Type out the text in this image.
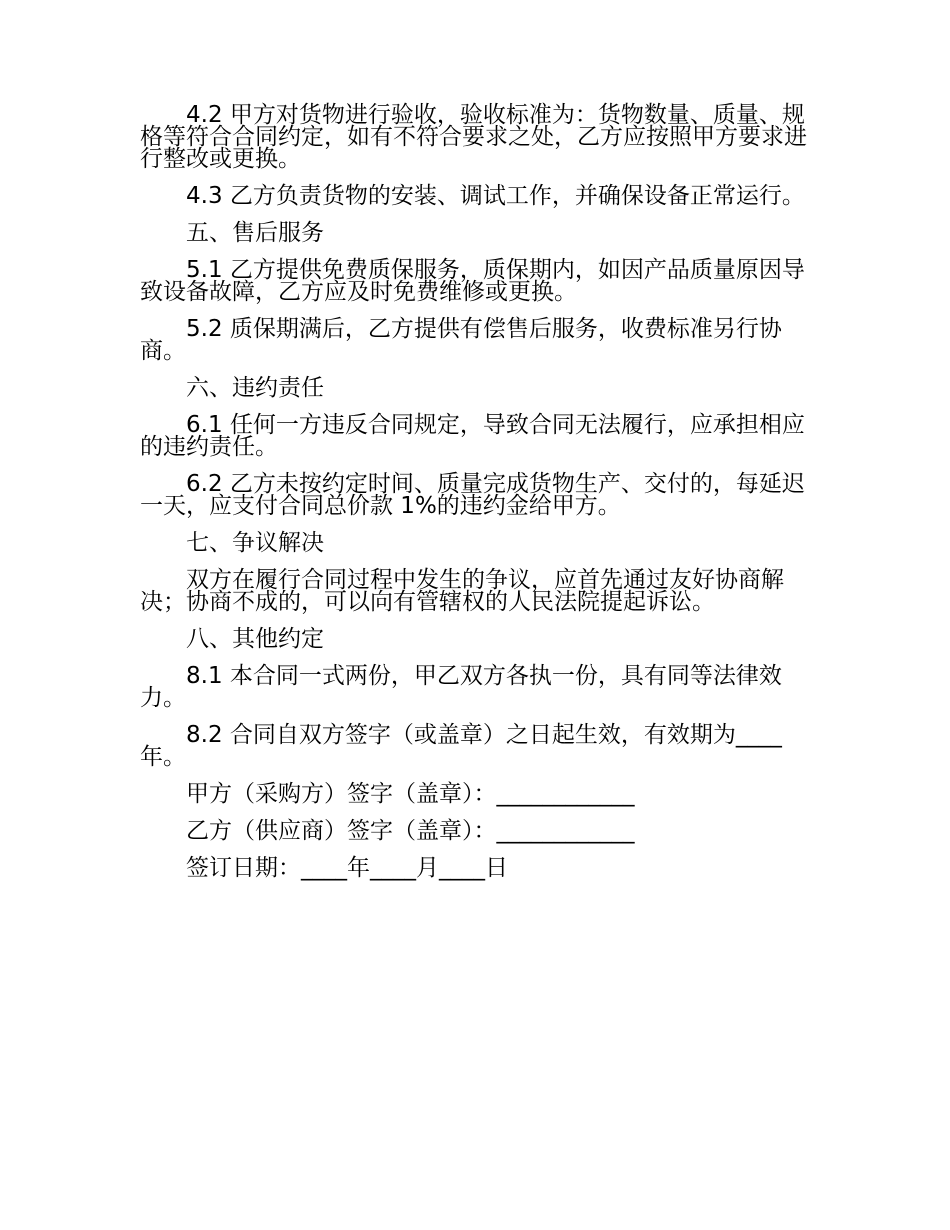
4.2 甲方对货物进行验收，验收标准为：货物数量、质量、规格等符合合同约定，如有不符合要求之处，乙方应按照甲方要求进行整改或更换。

4.3 乙方负责货物的安装、调试工作，并确保设备正常运行。

五、售后服务

5.1 乙方提供免费质保服务，质保期内，如因产品质量原因导致设备故障，乙方应及时免费维修或更换。

5.2 质保期满后，乙方提供有偿售后服务，收费标准另行协商。

六、违约责任

6.1 任何一方违反合同规定，导致合同无法履行，应承担相应的违约责任。

6.2 乙方未按约定时间、质量完成货物生产、交付的，每延迟一天，应支付合同总价款 1%的违约金给甲方。

七、争议解决

双方在履行合同过程中发生的争议，应首先通过友好协商解决；协商不成的，可以向有管辖权的人民法院提起诉讼。

八、其他约定

8.1 本合同一式两份，甲乙双方各执一份，具有同等法律效力。

8.2 合同自双方签字（或盖章）之日起生效，有效期为____年。

甲方（采购方）签字（盖章）：____________

乙方（供应商）签字（盖章）：____________

签订日期：____年____月____日
